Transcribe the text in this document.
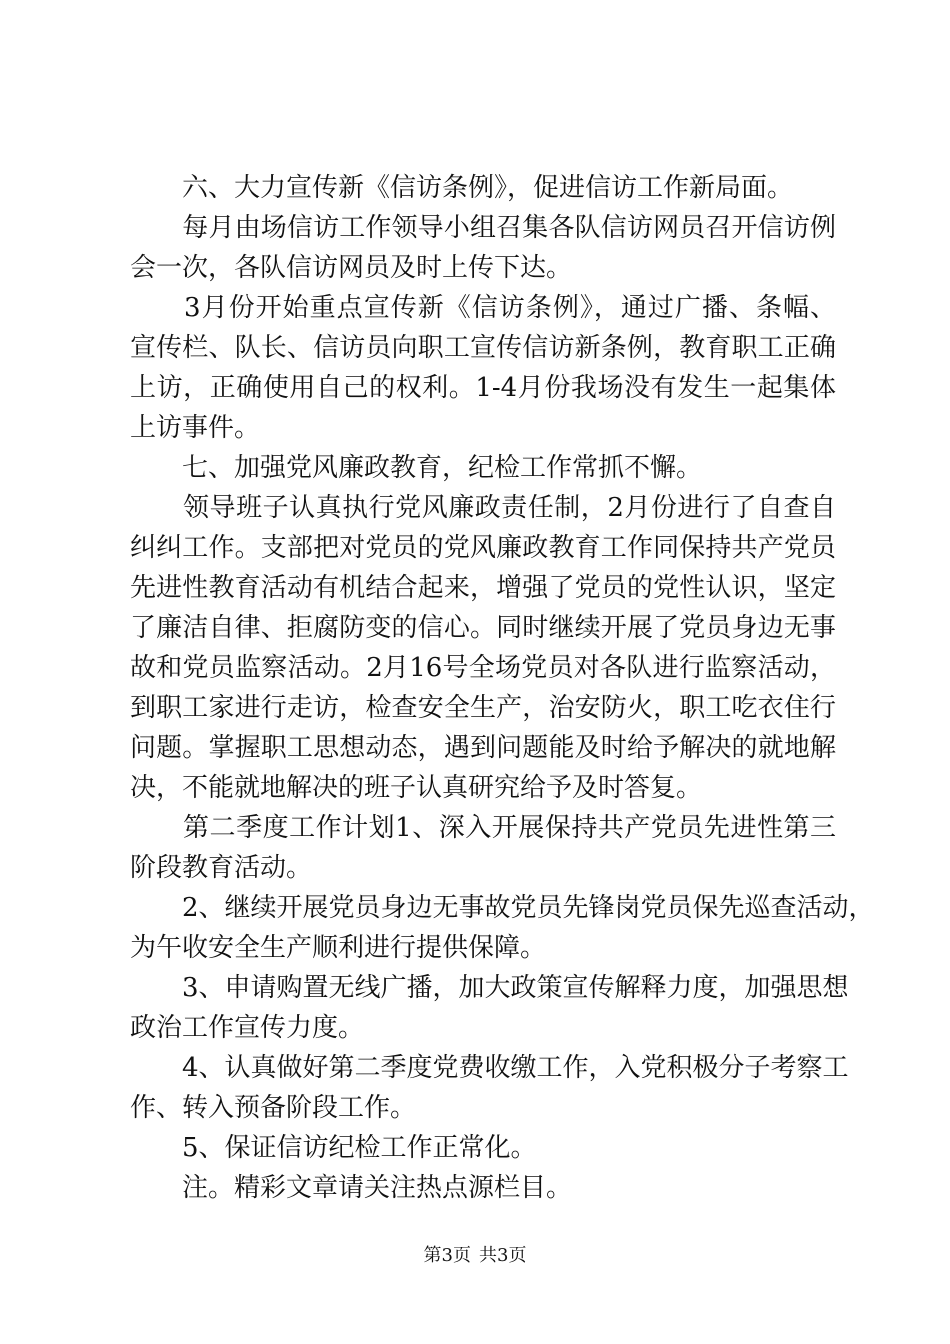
　　六、大力宣传新《信访条例》，促进信访工作新局面。
　　每月由场信访工作领导小组召集各队信访网员召开信访例
会一次，各队信访网员及时上传下达。
　　3月份开始重点宣传新《信访条例》，通过广播、条幅、
宣传栏、队长、信访员向职工宣传信访新条例，教育职工正确
上访，正确使用自己的权利。1-4月份我场没有发生一起集体
上访事件。
　　七、加强党风廉政教育，纪检工作常抓不懈。
　　领导班子认真执行党风廉政责任制，2月份进行了自查自
纠纠工作。支部把对党员的党风廉政教育工作同保持共产党员
先进性教育活动有机结合起来，增强了党员的党性认识，坚定
了廉洁自律、拒腐防变的信心。同时继续开展了党员身边无事
故和党员监察活动。2月16号全场党员对各队进行监察活动，
到职工家进行走访，检查安全生产，治安防火，职工吃衣住行
问题。掌握职工思想动态，遇到问题能及时给予解决的就地解
决，不能就地解决的班子认真研究给予及时答复。
　　第二季度工作计划1、深入开展保持共产党员先进性第三
阶段教育活动。
　　2、继续开展党员身边无事故党员先锋岗党员保先巡查活动，
为午收安全生产顺利进行提供保障。
　　3、申请购置无线广播，加大政策宣传解释力度，加强思想
政治工作宣传力度。
　　4、认真做好第二季度党费收缴工作，入党积极分子考察工
作、转入预备阶段工作。
　　5、保证信访纪检工作正常化。
　　注。精彩文章请关注热点源栏目。
第3页 共3页
